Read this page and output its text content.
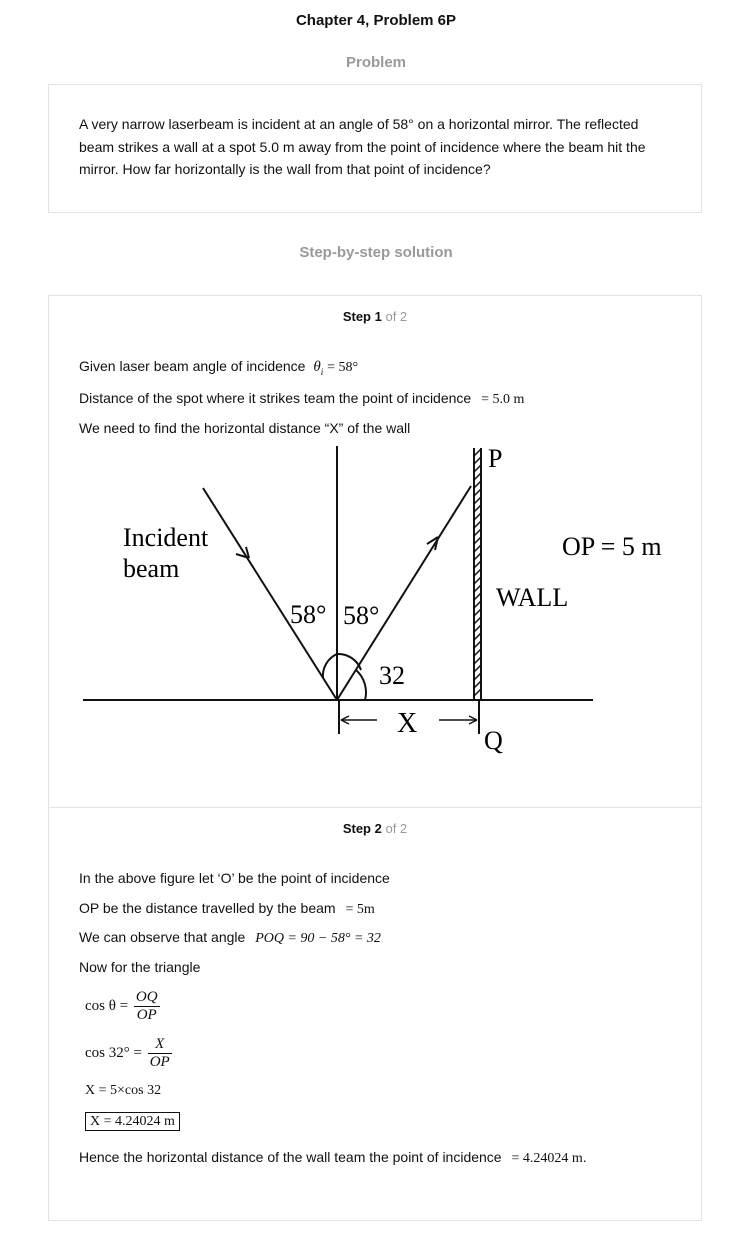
Chapter 4, Problem 6P
Problem
A very narrow laserbeam is incident at an angle of 58° on a horizontal mirror. The reflected beam strikes a wall at a spot 5.0 m away from the point of incidence where the beam hit the mirror. How far horizontally is the wall from that point of incidence?
Step-by-step solution
Step 1 of 2
Given laser beam angle of incidence $\theta_i = 58^\circ$
Distance of the spot where it strikes team the point of incidence = 5.0 m
We need to find the horizontal distance “X” of the wall
Incident
beam
58° 58°
32
WALL
OP = 5 m
P
Q
X
Step 2 of 2
In the above figure let ‘O’ be the point of incidence
OP be the distance travelled by the beam = 5m
We can observe that angle POQ = 90 − 58° = 32
Now for the triangle
$\cos \theta = \frac{OQ}{OP}$
$\cos 32^\circ = \frac{X}{OP}$
X = 5×cos 32
X = 4.24024 m
Hence the horizontal distance of the wall team the point of incidence = 4.24024 m.
